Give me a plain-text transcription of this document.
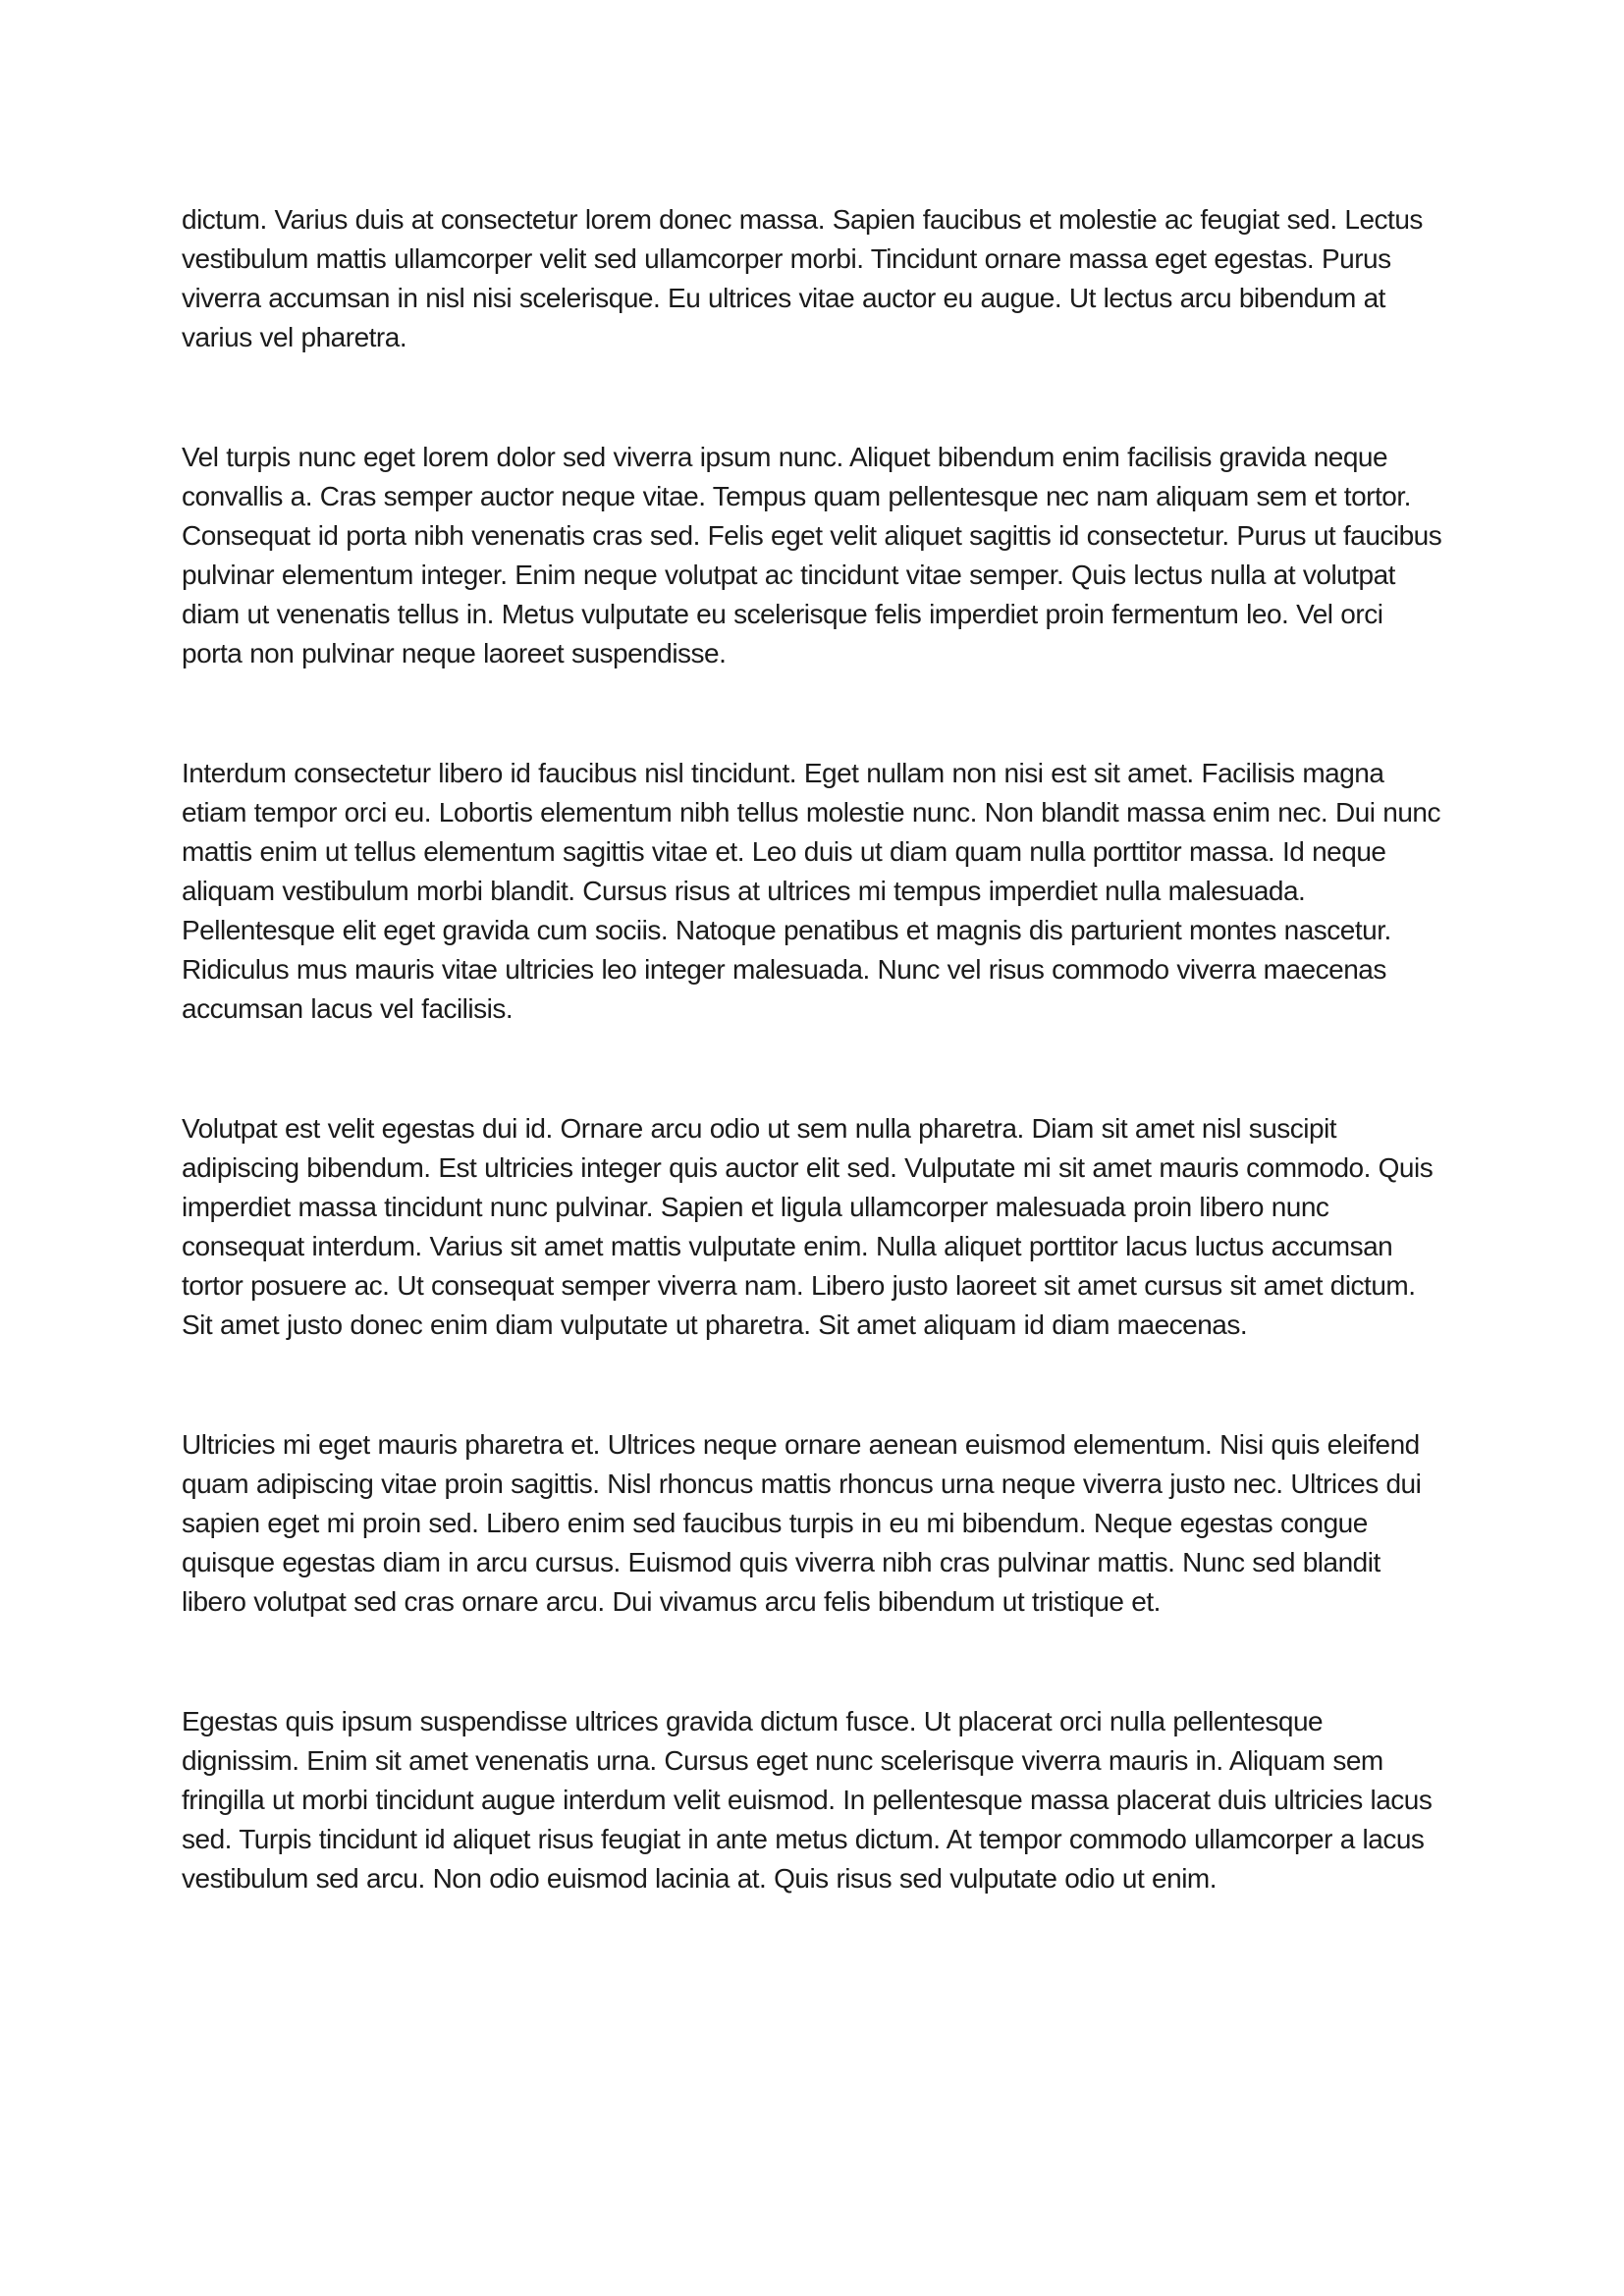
dictum. Varius duis at consectetur lorem donec massa. Sapien faucibus et molestie ac feugiat sed. Lectus vestibulum mattis ullamcorper velit sed ullamcorper morbi. Tincidunt ornare massa eget egestas. Purus viverra accumsan in nisl nisi scelerisque. Eu ultrices vitae auctor eu augue. Ut lectus arcu bibendum at varius vel pharetra.

Vel turpis nunc eget lorem dolor sed viverra ipsum nunc. Aliquet bibendum enim facilisis gravida neque convallis a. Cras semper auctor neque vitae. Tempus quam pellentesque nec nam aliquam sem et tortor. Consequat id porta nibh venenatis cras sed. Felis eget velit aliquet sagittis id consectetur. Purus ut faucibus pulvinar elementum integer. Enim neque volutpat ac tincidunt vitae semper. Quis lectus nulla at volutpat diam ut venenatis tellus in. Metus vulputate eu scelerisque felis imperdiet proin fermentum leo. Vel orci porta non pulvinar neque laoreet suspendisse.

Interdum consectetur libero id faucibus nisl tincidunt. Eget nullam non nisi est sit amet. Facilisis magna etiam tempor orci eu. Lobortis elementum nibh tellus molestie nunc. Non blandit massa enim nec. Dui nunc mattis enim ut tellus elementum sagittis vitae et. Leo duis ut diam quam nulla porttitor massa. Id neque aliquam vestibulum morbi blandit. Cursus risus at ultrices mi tempus imperdiet nulla malesuada. Pellentesque elit eget gravida cum sociis. Natoque penatibus et magnis dis parturient montes nascetur. Ridiculus mus mauris vitae ultricies leo integer malesuada. Nunc vel risus commodo viverra maecenas accumsan lacus vel facilisis.

Volutpat est velit egestas dui id. Ornare arcu odio ut sem nulla pharetra. Diam sit amet nisl suscipit adipiscing bibendum. Est ultricies integer quis auctor elit sed. Vulputate mi sit amet mauris commodo. Quis imperdiet massa tincidunt nunc pulvinar. Sapien et ligula ullamcorper malesuada proin libero nunc consequat interdum. Varius sit amet mattis vulputate enim. Nulla aliquet porttitor lacus luctus accumsan tortor posuere ac. Ut consequat semper viverra nam. Libero justo laoreet sit amet cursus sit amet dictum. Sit amet justo donec enim diam vulputate ut pharetra. Sit amet aliquam id diam maecenas.

Ultricies mi eget mauris pharetra et. Ultrices neque ornare aenean euismod elementum. Nisi quis eleifend quam adipiscing vitae proin sagittis. Nisl rhoncus mattis rhoncus urna neque viverra justo nec. Ultrices dui sapien eget mi proin sed. Libero enim sed faucibus turpis in eu mi bibendum. Neque egestas congue quisque egestas diam in arcu cursus. Euismod quis viverra nibh cras pulvinar mattis. Nunc sed blandit libero volutpat sed cras ornare arcu. Dui vivamus arcu felis bibendum ut tristique et.

Egestas quis ipsum suspendisse ultrices gravida dictum fusce. Ut placerat orci nulla pellentesque dignissim. Enim sit amet venenatis urna. Cursus eget nunc scelerisque viverra mauris in. Aliquam sem fringilla ut morbi tincidunt augue interdum velit euismod. In pellentesque massa placerat duis ultricies lacus sed. Turpis tincidunt id aliquet risus feugiat in ante metus dictum. At tempor commodo ullamcorper a lacus vestibulum sed arcu. Non odio euismod lacinia at. Quis risus sed vulputate odio ut enim.
